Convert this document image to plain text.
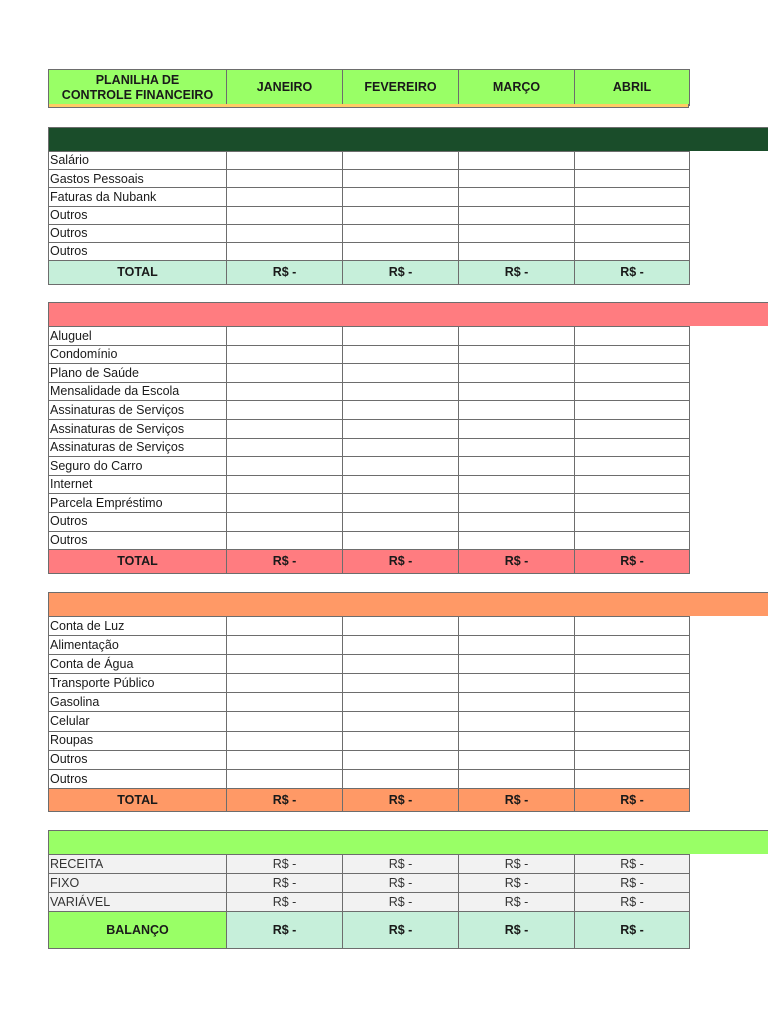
PLANILHA DE
CONTROLE FINANCEIRO	JANEIRO	FEVEREIRO	MARÇO	ABRIL
Salário				
Gastos Pessoais				
Faturas da Nubank				
Outros				
Outros				
Outros				
TOTAL	R$ -	R$ -	R$ -	R$ -
Aluguel				
Condomínio				
Plano de Saúde				
Mensalidade da Escola				
Assinaturas de Serviços				
Assinaturas de Serviços				
Assinaturas de Serviços				
Seguro do Carro				
Internet				
Parcela Empréstimo				
Outros				
Outros				
TOTAL	R$ -	R$ -	R$ -	R$ -
Conta de Luz				
Alimentação				
Conta de Água				
Transporte Público				
Gasolina				
Celular				
Roupas				
Outros				
Outros				
TOTAL	R$ -	R$ -	R$ -	R$ -
RECEITA	R$ -	R$ -	R$ -	R$ -
FIXO	R$ -	R$ -	R$ -	R$ -
VARIÁVEL	R$ -	R$ -	R$ -	R$ -
BALANÇO	R$ -	R$ -	R$ -	R$ -
